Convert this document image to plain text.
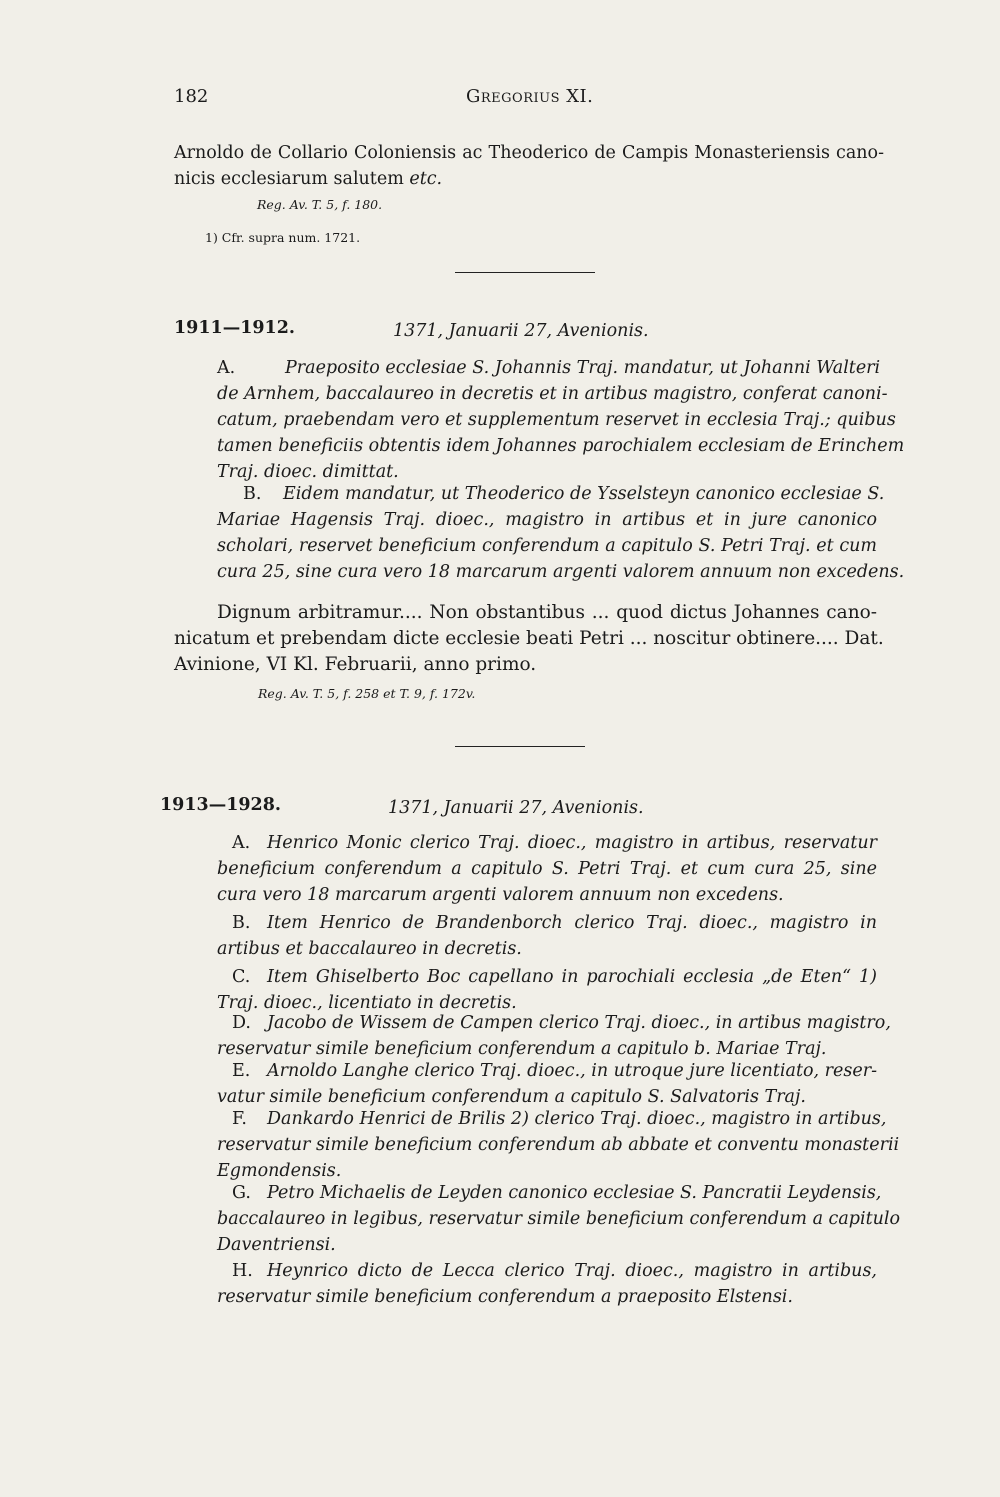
182	Gregorius XI.
Arnoldo de Collario Coloniensis ac Theoderico de Campis Monasteriensis cano-
nicis ecclesiarum salutem etc.
Reg. Av. T. 5, f. 180.
1) Cfr. supra num. 1721.
1911—1912.	1371, Januarii 27, Avenionis.
A.	Praeposito ecclesiae S. Johannis Traj. mandatur, ut Johanni Walteri
de Arnhem, baccalaureo in decretis et in artibus magistro, conferat canoni-
catum, praebendam vero et supplementum reservet in ecclesia Traj.; quibus
tamen beneficiis obtentis idem Johannes parochialem ecclesiam de Erinchem
Traj. dioec. dimittat.
B. Eidem mandatur, ut Theoderico de Ysselsteyn canonico ecclesiae S.
Mariae Hagensis Traj. dioec., magistro in artibus et in jure canonico
scholari, reservet beneficium conferendum a capitulo S. Petri Traj. et cum
cura 25, sine cura vero 18 marcarum argenti valorem annuum non excedens.
Dignum arbitramur.... Non obstantibus ... quod dictus Johannes cano-
nicatum et prebendam dicte ecclesie beati Petri ... noscitur obtinere.... Dat.
Avinione, VI Kl. Februarii, anno primo.
Reg. Av. T. 5, f. 258 et T. 9, f. 172v.
1913—1928.	1371, Januarii 27, Avenionis.
A. Henrico Monic clerico Traj. dioec., magistro in artibus, reservatur
beneficium conferendum a capitulo S. Petri Traj. et cum cura 25, sine
cura vero 18 marcarum argenti valorem annuum non excedens.
B. Item Henrico de Brandenborch clerico Traj. dioec., magistro in
artibus et baccalaureo in decretis.
C. Item Ghiselberto Boc capellano in parochiali ecclesia „de Eten“ 1)
Traj. dioec., licentiato in decretis.
D. Jacobo de Wissem de Campen clerico Traj. dioec., in artibus magistro,
reservatur simile beneficium conferendum a capitulo b. Mariae Traj.
E. Arnoldo Langhe clerico Traj. dioec., in utroque jure licentiato, reser-
vatur simile beneficium conferendum a capitulo S. Salvatoris Traj.
F. Dankardo Henrici de Brilis 2) clerico Traj. dioec., magistro in artibus,
reservatur simile beneficium conferendum ab abbate et conventu monasterii
Egmondensis.
G. Petro Michaelis de Leyden canonico ecclesiae S. Pancratii Leydensis,
baccalaureo in legibus, reservatur simile beneficium conferendum a capitulo
Daventriensi.
H. Heynrico dicto de Lecca clerico Traj. dioec., magistro in artibus,
reservatur simile beneficium conferendum a praeposito Elstensi.
